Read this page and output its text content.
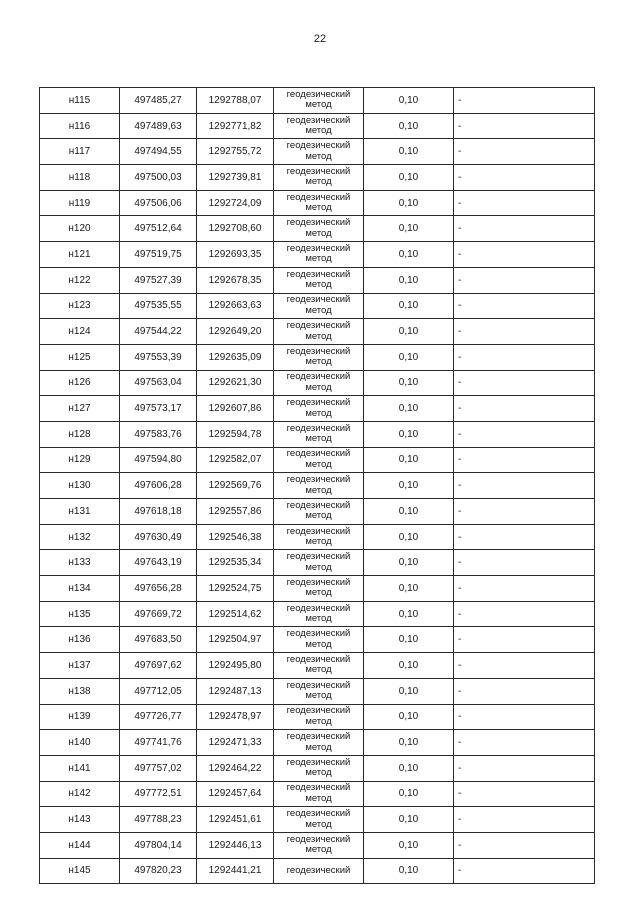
22
н115	497485,27	1292788,07	геодезический метод	0,10	-
н116	497489,63	1292771,82	геодезический метод	0,10	-
н117	497494,55	1292755,72	геодезический метод	0,10	-
н118	497500,03	1292739,81	геодезический метод	0,10	-
н119	497506,06	1292724,09	геодезический метод	0,10	-
н120	497512,64	1292708,60	геодезический метод	0,10	-
н121	497519,75	1292693,35	геодезический метод	0,10	-
н122	497527,39	1292678,35	геодезический метод	0,10	-
н123	497535,55	1292663,63	геодезический метод	0,10	-
н124	497544,22	1292649,20	геодезический метод	0,10	-
н125	497553,39	1292635,09	геодезический метод	0,10	-
н126	497563,04	1292621,30	геодезический метод	0,10	-
н127	497573,17	1292607,86	геодезический метод	0,10	-
н128	497583,76	1292594,78	геодезический метод	0,10	-
н129	497594,80	1292582,07	геодезический метод	0,10	-
н130	497606,28	1292569,76	геодезический метод	0,10	-
н131	497618,18	1292557,86	геодезический метод	0,10	-
н132	497630,49	1292546,38	геодезический метод	0,10	-
н133	497643,19	1292535,34	геодезический метод	0,10	-
н134	497656,28	1292524,75	геодезический метод	0,10	-
н135	497669,72	1292514,62	геодезический метод	0,10	-
н136	497683,50	1292504,97	геодезический метод	0,10	-
н137	497697,62	1292495,80	геодезический метод	0,10	-
н138	497712,05	1292487,13	геодезический метод	0,10	-
н139	497726,77	1292478,97	геодезический метод	0,10	-
н140	497741,76	1292471,33	геодезический метод	0,10	-
н141	497757,02	1292464,22	геодезический метод	0,10	-
н142	497772,51	1292457,64	геодезический метод	0,10	-
н143	497788,23	1292451,61	геодезический метод	0,10	-
н144	497804,14	1292446,13	геодезический метод	0,10	-
н145	497820,23	1292441,21	геодезический	0,10	-
